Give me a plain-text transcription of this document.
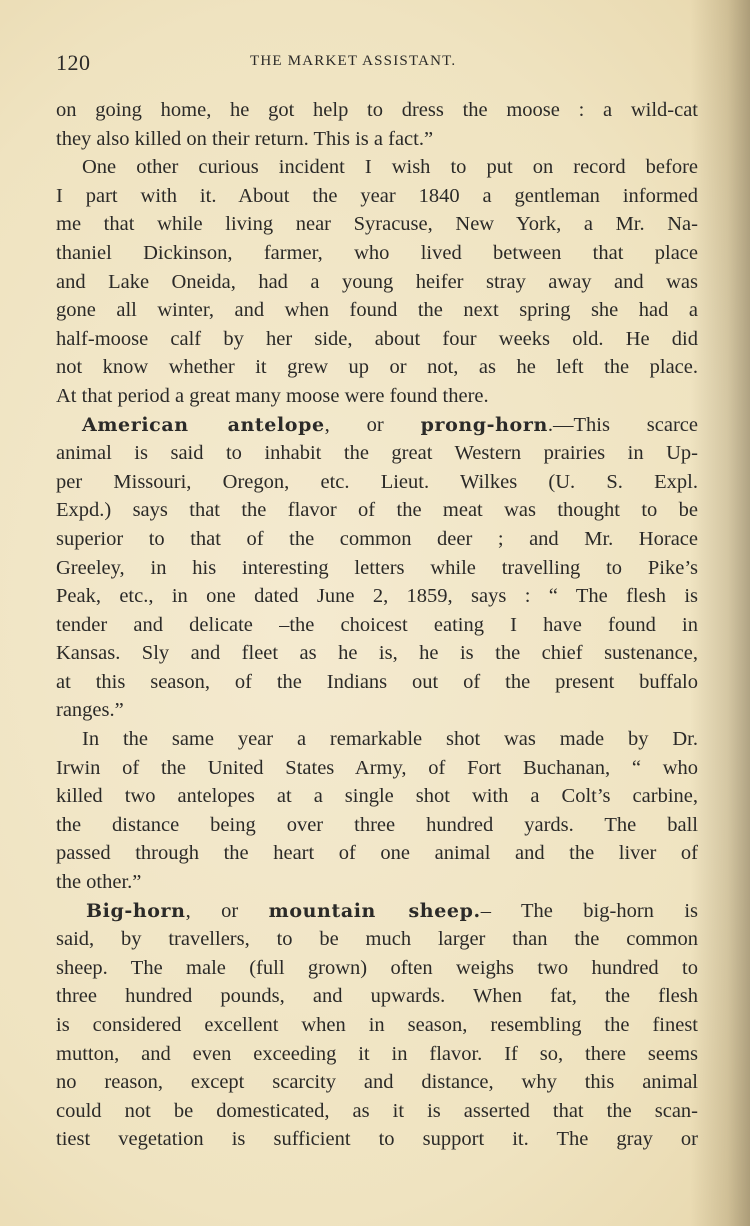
120	THE MARKET ASSISTANT.
on going home, he got help to dress the moose : a wild-cat
they also killed on their return. This is a fact.”
One other curious incident I wish to put on record before
I part with it. About the year 1840 a gentleman informed
me that while living near Syracuse, New York, a Mr. Na-
thaniel Dickinson, farmer, who lived between that place
and Lake Oneida, had a young heifer stray away and was
gone all winter, and when found the next spring she had a
half-moose calf by her side, about four weeks old. He did
not know whether it grew up or not, as he left the place.
At that period a great many moose were found there.
American antelope, or prong-horn.—This scarce
animal is said to inhabit the great Western prairies in Up-
per Missouri, Oregon, etc. Lieut. Wilkes (U. S. Expl.
Expd.) says that the flavor of the meat was thought to be
superior to that of the common deer ; and Mr. Horace
Greeley, in his interesting letters while travelling to Pike’s
Peak, etc., in one dated June 2, 1859, says : “ The flesh is
tender and delicate –the choicest eating I have found in
Kansas. Sly and fleet as he is, he is the chief sustenance,
at this season, of the Indians out of the present buffalo
ranges.”
In the same year a remarkable shot was made by Dr.
Irwin of the United States Army, of Fort Buchanan, “ who
killed two antelopes at a single shot with a Colt’s carbine,
the distance being over three hundred yards. The ball
passed through the heart of one animal and the liver of
the other.”
Big-horn, or mountain sheep.– The big-horn is
said, by travellers, to be much larger than the common
sheep. The male (full grown) often weighs two hundred to
three hundred pounds, and upwards. When fat, the flesh
is considered excellent when in season, resembling the finest
mutton, and even exceeding it in flavor. If so, there seems
no reason, except scarcity and distance, why this animal
could not be domesticated, as it is asserted that the scan-
tiest vegetation is sufficient to support it. The gray or
